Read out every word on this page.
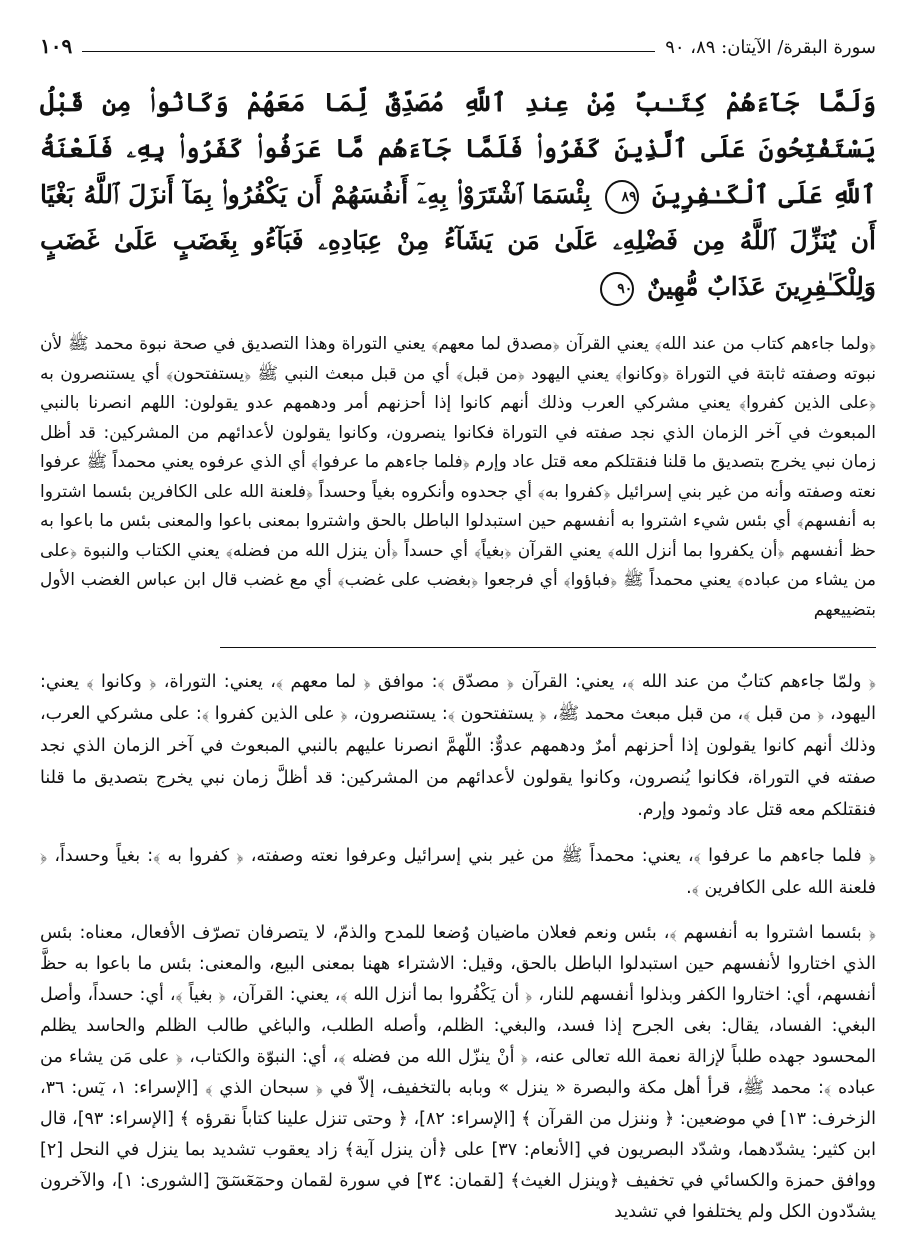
سورة البقرة/ الآيتان: ٨٩، ٩٠
١٠٩
وَلَمَّا جَآءَهُمْ كِتَـٰبٌ مِّنْ عِندِ ٱللَّهِ مُصَدِّقٌ لِّمَا مَعَهُمْ وَكَانُوا۟ مِن قَبْلُ يَسْتَفْتِحُونَ عَلَى ٱلَّذِينَ كَفَرُوا۟ فَلَمَّا جَآءَهُم مَّا عَرَفُوا۟ كَفَرُوا۟ بِهِۦ فَلَعْنَةُ ٱللَّهِ عَلَى ٱلْكَـٰفِرِينَ ٨٩ بِئْسَمَا ٱشْتَرَوْا۟ بِهِۦٓ أَنفُسَهُمْ أَن يَكْفُرُوا۟ بِمَآ أَنزَلَ ٱللَّهُ بَغْيًا أَن يُنَزِّلَ ٱللَّهُ مِن فَضْلِهِۦ عَلَىٰ مَن يَشَآءُ مِنْ عِبَادِهِۦ فَبَآءُو بِغَضَبٍ عَلَىٰ غَضَبٍ وَلِلْكَـٰفِرِينَ عَذَابٌ مُّهِينٌ ٩٠
﴿ولما جاءهم كتاب من عند الله﴾ يعني القرآن ﴿مصدق لما معهم﴾ يعني التوراة وهذا التصديق في صحة نبوة محمد ﷺ لأن نبوته وصفته ثابتة في التوراة ﴿وكانوا﴾ يعني اليهود ﴿من قبل﴾ أي من قبل مبعث النبي ﷺ ﴿يستفتحون﴾ أي يستنصرون به ﴿على الذين كفروا﴾ يعني مشركي العرب وذلك أنهم كانوا إذا أحزنهم أمر ودهمهم عدو يقولون: اللهم انصرنا بالنبي المبعوث في آخر الزمان الذي نجد صفته في التوراة فكانوا ينصرون، وكانوا يقولون لأعدائهم من المشركين: قد أظل زمان نبي يخرج بتصديق ما قلنا فنقتلكم معه قتل عاد وإرم ﴿فلما جاءهم ما عرفوا﴾ أي الذي عرفوه يعني محمداً ﷺ عرفوا نعته وصفته وأنه من غير بني إسرائيل ﴿كفروا به﴾ أي جحدوه وأنكروه بغياً وحسداً ﴿فلعنة الله على الكافرين بئسما اشتروا به أنفسهم﴾ أي بئس شيء اشتروا به أنفسهم حين استبدلوا الباطل بالحق واشتروا بمعنى باعوا والمعنى بئس ما باعوا به حظ أنفسهم ﴿أن يكفروا بما أنزل الله﴾ يعني القرآن ﴿بغياً﴾ أي حسداً ﴿أن ينزل الله من فضله﴾ يعني الكتاب والنبوة ﴿على من يشاء من عباده﴾ يعني محمداً ﷺ ﴿فباؤوا﴾ أي فرجعوا ﴿بغضب على غضب﴾ أي مع غضب قال ابن عباس الغضب الأول بتضييعهم

﴿ ولمّا جاءهم كتابٌ من عند الله ﴾، يعني: القرآن ﴿ مصدّق ﴾: موافق ﴿ لما معهم ﴾، يعني: التوراة، ﴿ وكانوا ﴾ يعني: اليهود، ﴿ من قبل ﴾، من قبل مبعث محمد ﷺ، ﴿ يستفتحون ﴾: يستنصرون، ﴿ على الذين كفروا ﴾: على مشركي العرب، وذلك أنهم كانوا يقولون إذا أحزنهم أمرٌ ودهمهم عدوٌّ: اللّهمَّ انصرنا عليهم بالنبي المبعوث في آخر الزمان الذي نجد صفته في التوراة، فكانوا يُنصرون، وكانوا يقولون لأعدائهم من المشركين: قد أظلَّ زمان نبي يخرج بتصديق ما قلنا فنقتلكم معه قتل عاد وثمود وإرم.

﴿ فلما جاءهم ما عرفوا ﴾، يعني: محمداً ﷺ من غير بني إسرائيل وعرفوا نعته وصفته، ﴿ كفروا به ﴾: بغياً وحسداً، ﴿ فلعنة الله على الكافرين ﴾.

﴿ بئسما اشتروا به أنفسهم ﴾، بئس ونعم فعلان ماضيان وُضعا للمدح والذمّ، لا يتصرفان تصرّف الأفعال، معناه: بئس الذي اختاروا لأنفسهم حين استبدلوا الباطل بالحق، وقيل: الاشتراء ههنا بمعنى البيع، والمعنى: بئس ما باعوا به حظَّ أنفسهم، أي: اختاروا الكفر وبذلوا أنفسهم للنار، ﴿ أن يَكْفُروا بما أنزل الله ﴾، يعني: القرآن، ﴿ بغياً ﴾، أي: حسداً، وأصل البغي: الفساد، يقال: بغى الجرح إذا فسد، والبغي: الظلم، وأصله الطلب، والباغي طالب الظلم والحاسد يظلم المحسود جهده طلباً لإزالة نعمة الله تعالى عنه، ﴿ أنْ ينزّل الله من فضله ﴾، أي: النبوّة والكتاب، ﴿ على مَن يشاء من عباده ﴾: محمد ﷺ، قرأ أهل مكة والبصرة « ينزل » وبابه بالتخفيف، إلاّ في ﴿ سبحان الذي ﴾ [الإسراء: ١، يٓس: ٣٦، الزخرف: ١٣] في موضعين: ﴿ وننزل من القرآن ﴾ [الإسراء: ٨٢]، ﴿ وحتى تنزل علينا كتاباً نقرؤه ﴾ [الإسراء: ٩٣]، قال ابن كثير: يشدّدهما، وشدّد البصريون في [الأنعام: ٣٧] على ﴿أن ينزل آية﴾ زاد يعقوب تشديد بما ينزل في النحل [٢] ووافق حمزة والكسائي في تخفيف ﴿وينزل الغيث﴾ [لقمان: ٣٤] في سورة لقمان وحمٓعٓسٓقٓ [الشورى: ١]، والآخرون يشدّدون الكل ولم يختلفوا في تشديد
